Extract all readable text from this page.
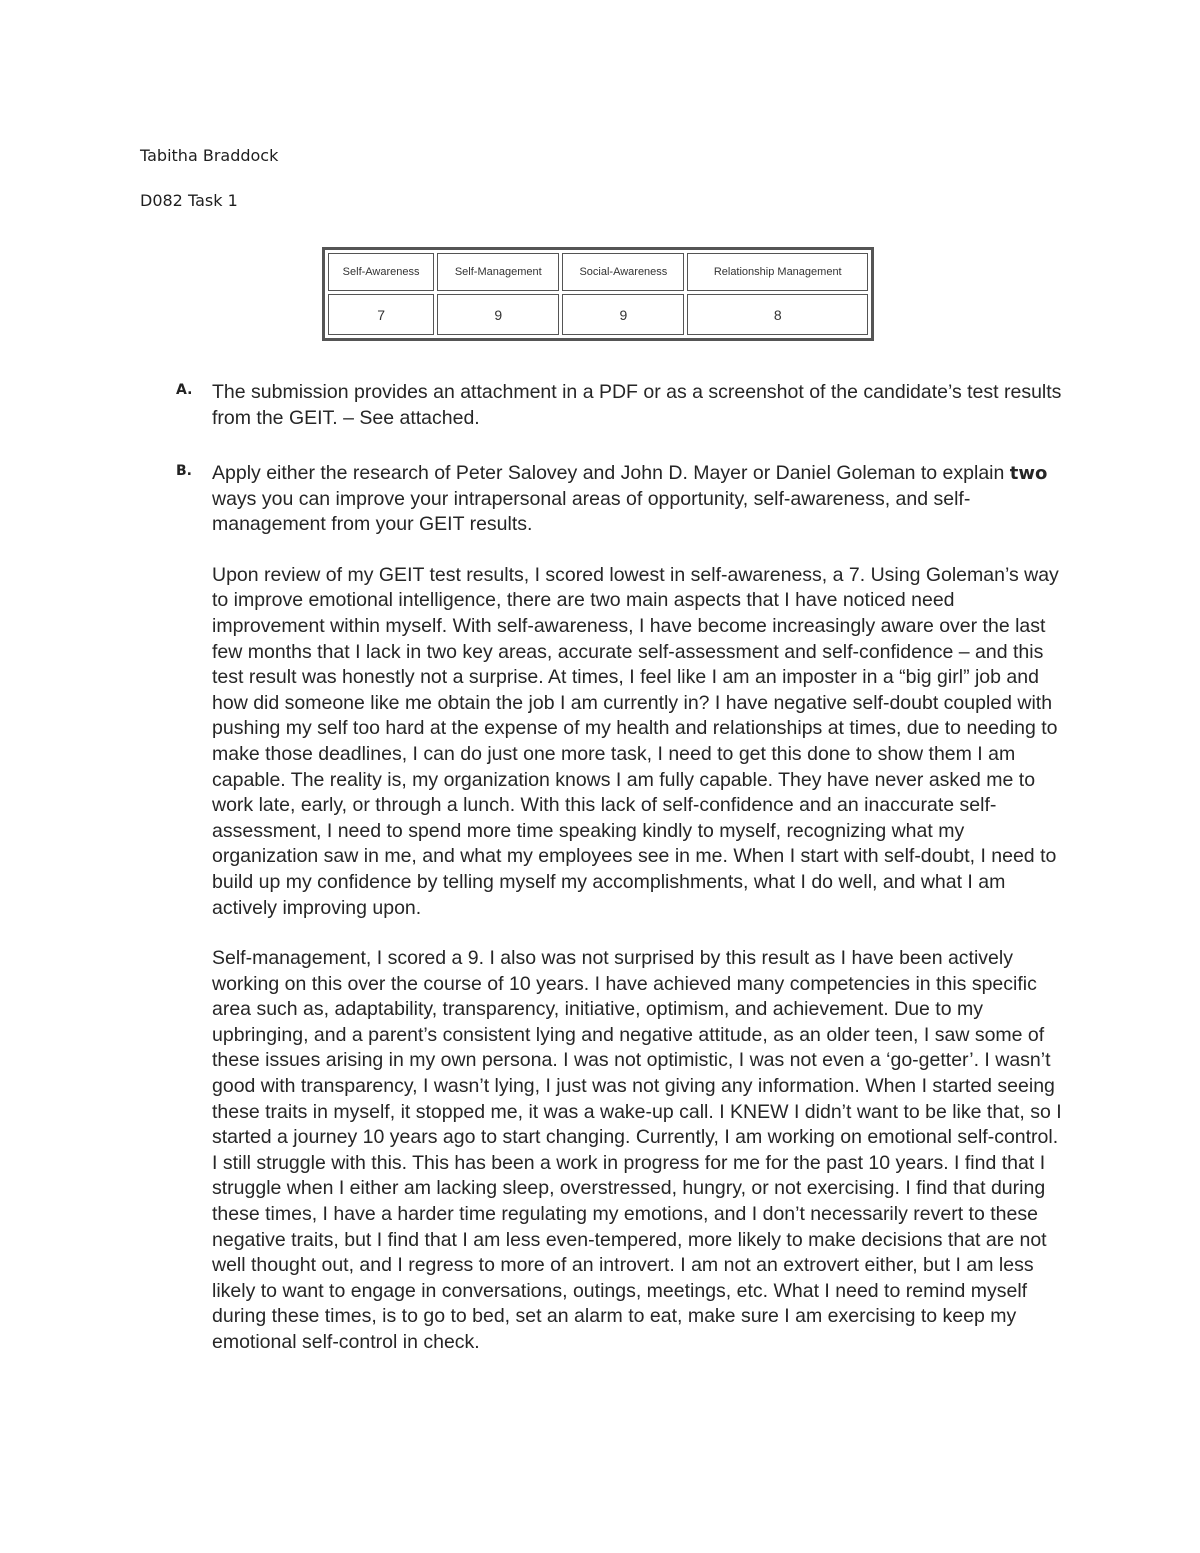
Tabitha Braddock
D082 Task 1
Self-Awareness	Self-Management	Social-Awareness	Relationship Management
7	9	9	8
A. The submission provides an attachment in a PDF or as a screenshot of the candidate’s test results from the GEIT. – See attached.

B. Apply either the research of Peter Salovey and John D. Mayer or Daniel Goleman to explain two ways you can improve your intrapersonal areas of opportunity, self-awareness, and self-management from your GEIT results.

Upon review of my GEIT test results, I scored lowest in self-awareness, a 7. Using Goleman’s way to improve emotional intelligence, there are two main aspects that I have noticed need improvement within myself. With self-awareness, I have become increasingly aware over the last few months that I lack in two key areas, accurate self-assessment and self-confidence – and this test result was honestly not a surprise. At times, I feel like I am an imposter in a “big girl” job and how did someone like me obtain the job I am currently in? I have negative self-doubt coupled with pushing my self too hard at the expense of my health and relationships at times, due to needing to make those deadlines, I can do just one more task, I need to get this done to show them I am capable. The reality is, my organization knows I am fully capable. They have never asked me to work late, early, or through a lunch. With this lack of self-confidence and an inaccurate self-assessment, I need to spend more time speaking kindly to myself, recognizing what my organization saw in me, and what my employees see in me. When I start with self-doubt, I need to build up my confidence by telling myself my accomplishments, what I do well, and what I am actively improving upon.

Self-management, I scored a 9. I also was not surprised by this result as I have been actively working on this over the course of 10 years. I have achieved many competencies in this specific area such as, adaptability, transparency, initiative, optimism, and achievement. Due to my upbringing, and a parent’s consistent lying and negative attitude, as an older teen, I saw some of these issues arising in my own persona. I was not optimistic, I was not even a ‘go-getter’. I wasn’t good with transparency, I wasn’t lying, I just was not giving any information. When I started seeing these traits in myself, it stopped me, it was a wake-up call. I KNEW I didn’t want to be like that, so I started a journey 10 years ago to start changing. Currently, I am working on emotional self-control. I still struggle with this. This has been a work in progress for me for the past 10 years. I find that I struggle when I either am lacking sleep, overstressed, hungry, or not exercising. I find that during these times, I have a harder time regulating my emotions, and I don’t necessarily revert to these negative traits, but I find that I am less even-tempered, more likely to make decisions that are not well thought out, and I regress to more of an introvert. I am not an extrovert either, but I am less likely to want to engage in conversations, outings, meetings, etc. What I need to remind myself during these times, is to go to bed, set an alarm to eat, make sure I am exercising to keep my emotional self-control in check.
